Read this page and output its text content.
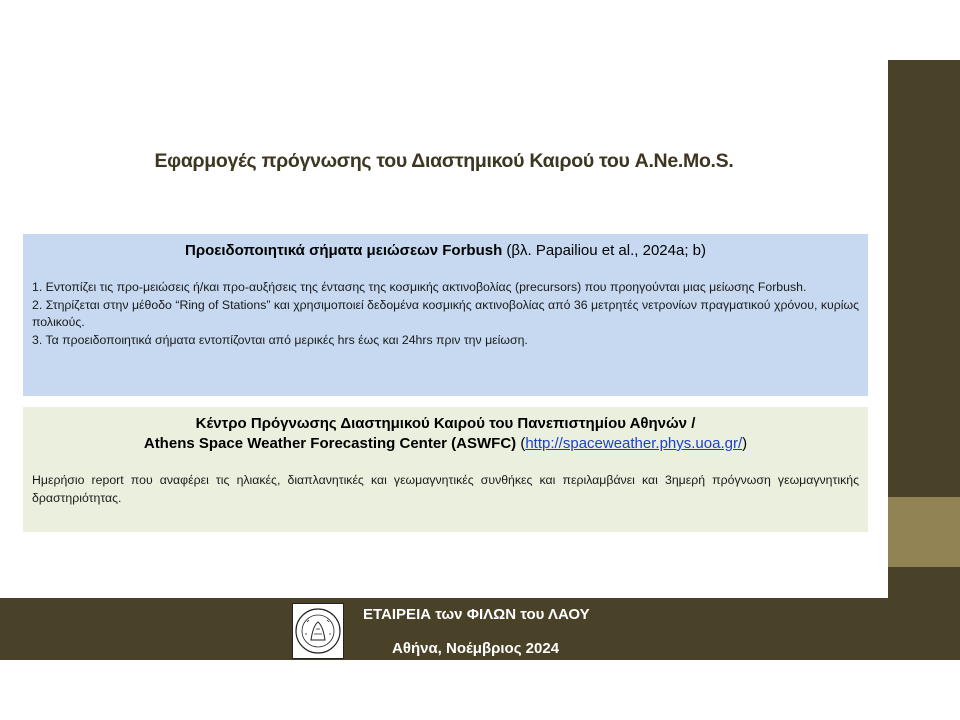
Εφαρμογές πρόγνωσης του Διαστημικού Καιρού του A.Ne.Mo.S.

Προειδοποιητικά σήματα μειώσεων Forbush (βλ. Papailiou et al., 2024a; b)

1. Εντοπίζει τις προ-μειώσεις ή/και προ-αυξήσεις της έντασης της κοσμικής ακτινοβολίας (precursors) που προηγούνται μιας μείωσης Forbush.

2. Στηρίζεται στην μέθοδο “Ring of Stations” και χρησιμοποιεί δεδομένα κοσμικής ακτινοβολίας από 36 μετρητές νετρονίων πραγματικού χρόνου, κυρίως πολικούς.

3. Τα προειδοποιητικά σήματα εντοπίζονται από μερικές hrs έως και 24hrs πριν την μείωση.

Κέντρο Πρόγνωσης Διαστημικού Καιρού του Πανεπιστημίου Αθηνών /
Athens Space Weather Forecasting Center (ASWFC) (http://spaceweather.phys.uoa.gr/)

Ημερήσιο report που αναφέρει τις ηλιακές, διαπλανητικές και γεωμαγνητικές συνθήκες και περιλαμβάνει και 3ημερή πρόγνωση γεωμαγνητικής δραστηριότητας.

ΕΤΑΙΡΕΙΑ των ΦΙΛΩΝ του ΛΑΟΥ
Αθήνα, Νοέμβριος 2024
